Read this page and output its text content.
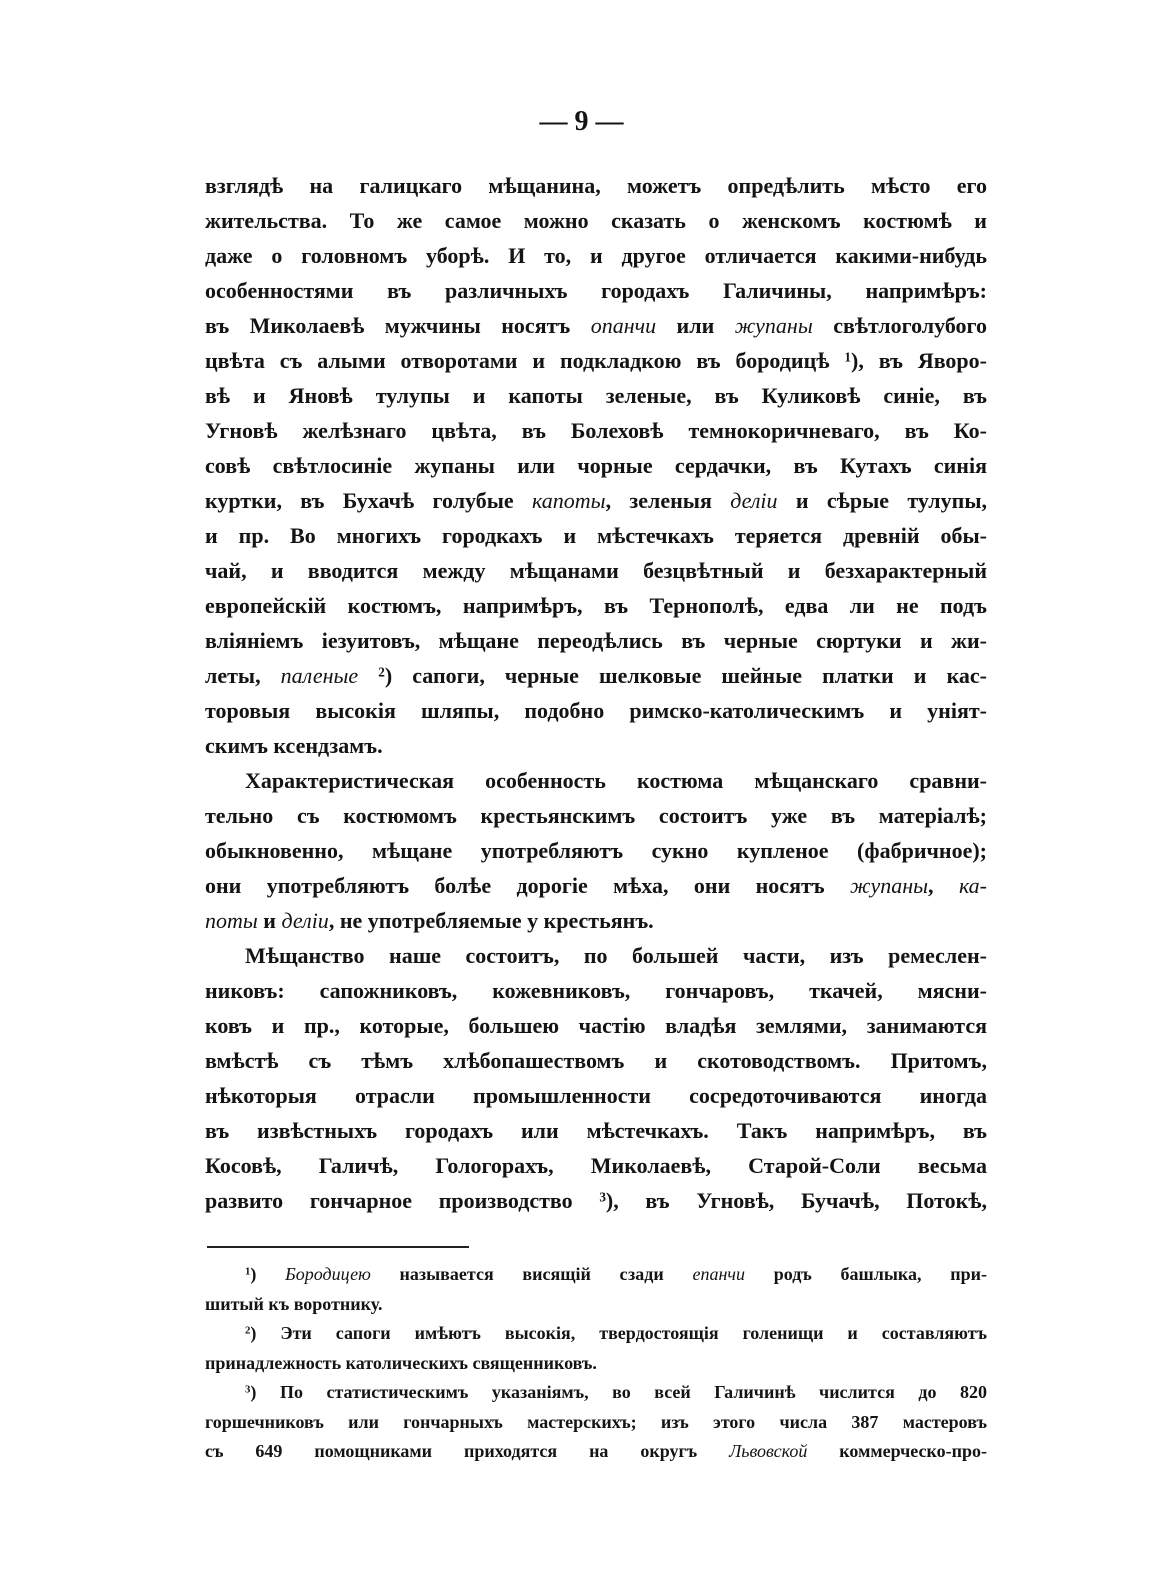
— 9 —
взглядѣ на галицкаго мѣщанина, можетъ опредѣлить мѣсто его
жительства. То же самое можно сказать о женскомъ костюмѣ и
даже о головномъ уборѣ. И то, и другое отличается какими-нибудь
особенностями въ различныхъ городахъ Галичины, напримѣръ:
въ Миколаевѣ мужчины носятъ опанчи или жупаны свѣтлоголубого
цвѣта съ алыми отворотами и подкладкою въ бородицѣ $^1$), въ Яворо-
вѣ и Яновѣ тулупы и капоты зеленые, въ Куликовѣ синіе, въ
Угновѣ желѣзнаго цвѣта, въ Болеховѣ темнокоричневаго, въ Ко-
совѣ свѣтлосиніе жупаны или чорные сердачки, въ Кутахъ синія
куртки, въ Бухачѣ голубые капоты, зеленыя деліи и сѣрые тулупы,
и пр. Во многихъ городкахъ и мѣстечкахъ теряется древній обы-
чай, и вводится между мѣщанами безцвѣтный и безхарактерный
европейскій костюмъ, напримѣръ, въ Тернополѣ, едва ли не подъ
вліяніемъ іезуитовъ, мѣщане переодѣлись въ черные сюртуки и жи-
леты, паленые $^2$) сапоги, черные шелковые шейные платки и кас-
торовыя высокія шляпы, подобно римско-католическимъ и уніят-
скимъ ксендзамъ.
Характеристическая особенность костюма мѣщанскаго сравни-
тельно съ костюмомъ крестьянскимъ состоитъ уже въ матеріалѣ;
обыкновенно, мѣщане употребляютъ сукно купленое (фабричное);
они употребляютъ болѣе дорогіе мѣха, они носятъ жупаны, ка-
поты и деліи, не употребляемые у крестьянъ.
Мѣщанство наше состоитъ, по большей части, изъ ремеслен-
никовъ: сапожниковъ, кожевниковъ, гончаровъ, ткачей, мясни-
ковъ и пр., которые, большею частію владѣя землями, занимаются
вмѣстѣ съ тѣмъ хлѣбопашествомъ и скотоводствомъ. Притомъ,
нѣкоторыя отрасли промышленности сосредоточиваются иногда
въ извѣстныхъ городахъ или мѣстечкахъ. Такъ напримѣръ, въ
Косовѣ, Галичѣ, Гологорахъ, Миколаевѣ, Старой-Соли весьма
развито гончарное производство $^3$), въ Угновѣ, Бучачѣ, Потокѣ,
$^1$) Бородицею называется висящій сзади епанчи родъ башлыка, при-
шитый къ воротнику.
$^2$) Эти сапоги имѣютъ высокія, твердостоящія голенищи и составляютъ
принадлежность католическихъ священниковъ.
$^3$) По статистическимъ указаніямъ, во всей Галичинѣ числится до 820
горшечниковъ или гончарныхъ мастерскихъ; изъ этого числа 387 мастеровъ
съ 649 помощниками приходятся на округъ Львовской коммерческо-про-
